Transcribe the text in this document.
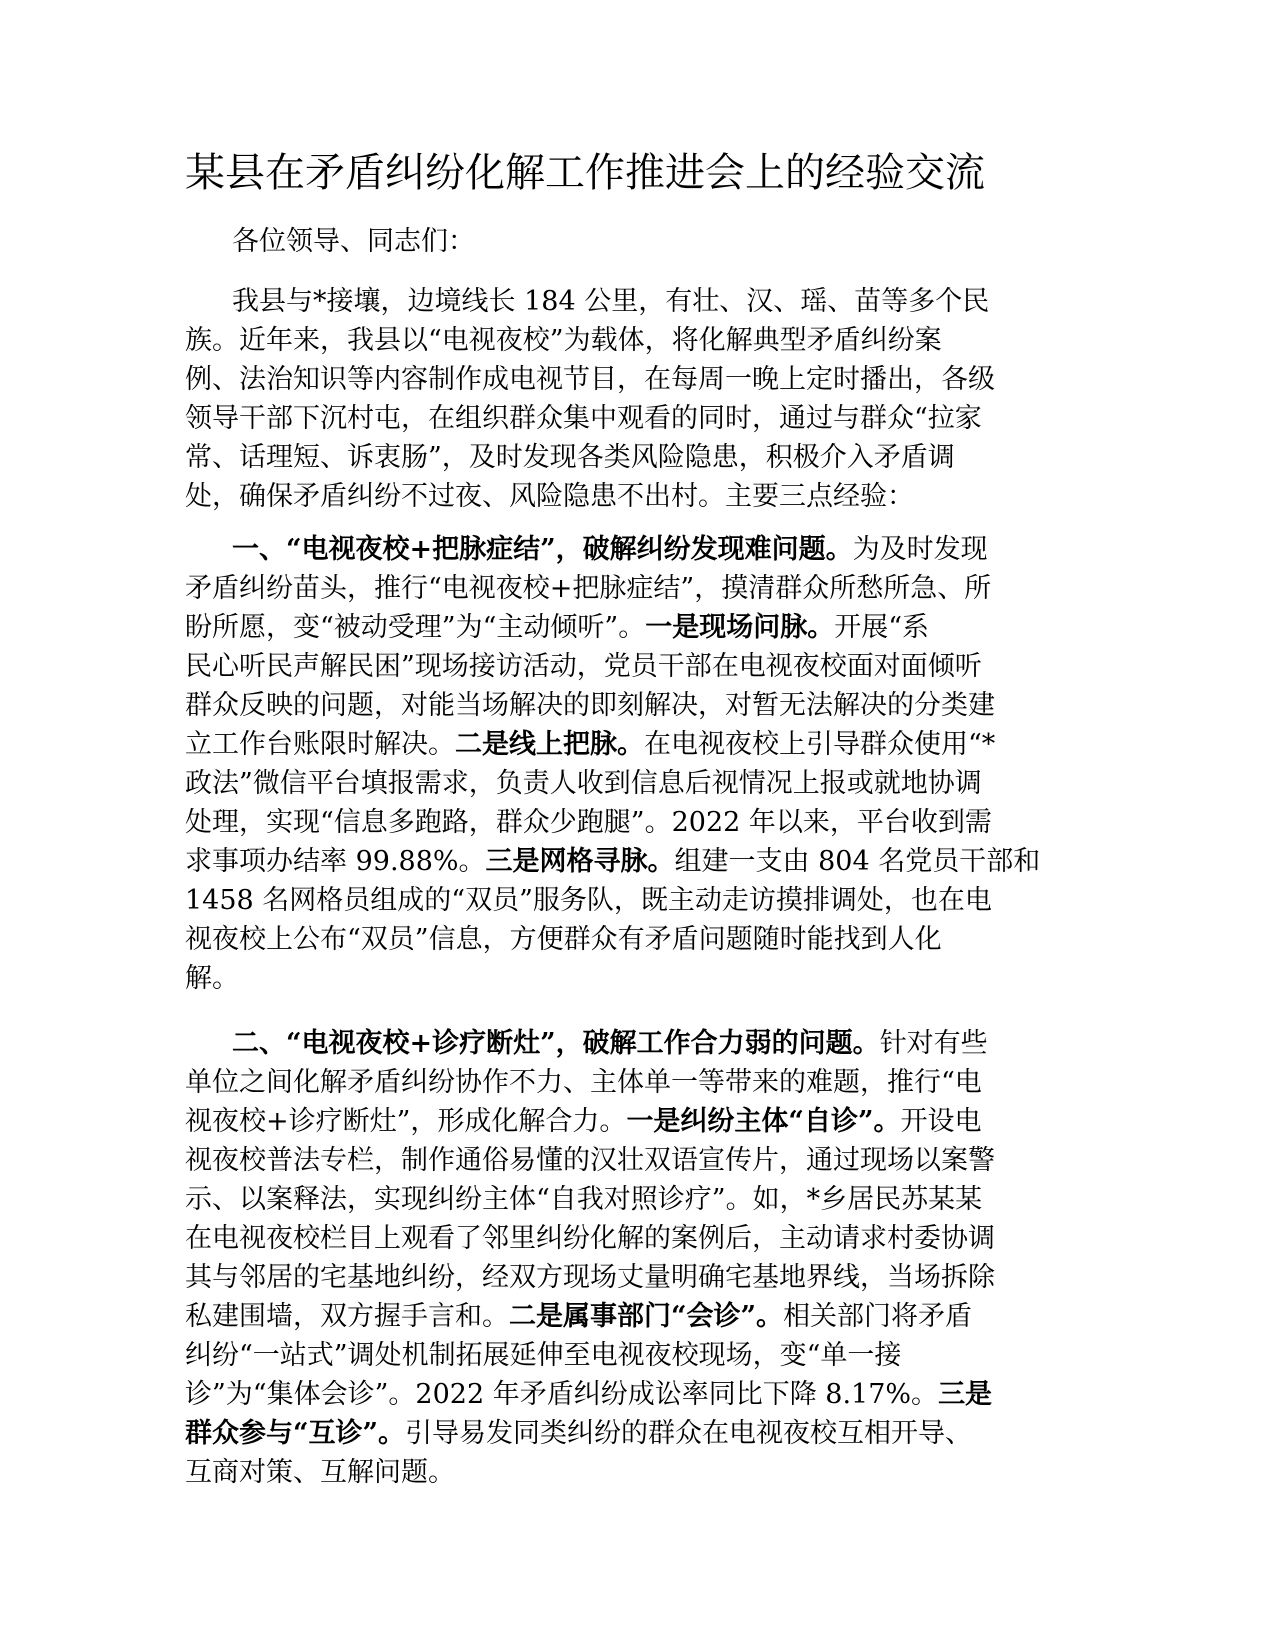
某县在矛盾纠纷化解工作推进会上的经验交流

各位领导、同志们：

我县与*接壤，边境线长 184 公里，有壮、汉、瑶、苗等多个民
族。近年来，我县以“电视夜校”为载体，将化解典型矛盾纠纷案
例、法治知识等内容制作成电视节目，在每周一晚上定时播出，各级
领导干部下沉村屯，在组织群众集中观看的同时，通过与群众“拉家
常、话理短、诉衷肠”，及时发现各类风险隐患，积极介入矛盾调
处，确保矛盾纠纷不过夜、风险隐患不出村。主要三点经验：
一、“电视夜校+把脉症结”，破解纠纷发现难问题。为及时发现
矛盾纠纷苗头，推行“电视夜校+把脉症结”，摸清群众所愁所急、所
盼所愿，变“被动受理”为“主动倾听”。一是现场问脉。开展“系
民心听民声解民困”现场接访活动，党员干部在电视夜校面对面倾听
群众反映的问题，对能当场解决的即刻解决，对暂无法解决的分类建
立工作台账限时解决。二是线上把脉。在电视夜校上引导群众使用“*
政法”微信平台填报需求，负责人收到信息后视情况上报或就地协调
处理，实现“信息多跑路，群众少跑腿”。2022 年以来，平台收到需
求事项办结率 99.88%。三是网格寻脉。组建一支由 804 名党员干部和
1458 名网格员组成的“双员”服务队，既主动走访摸排调处，也在电
视夜校上公布“双员”信息，方便群众有矛盾问题随时能找到人化
解。
二、“电视夜校+诊疗断灶”，破解工作合力弱的问题。针对有些
单位之间化解矛盾纠纷协作不力、主体单一等带来的难题，推行“电
视夜校+诊疗断灶”，形成化解合力。一是纠纷主体“自诊”。开设电
视夜校普法专栏，制作通俗易懂的汉壮双语宣传片，通过现场以案警
示、以案释法，实现纠纷主体“自我对照诊疗”。如，*乡居民苏某某
在电视夜校栏目上观看了邻里纠纷化解的案例后，主动请求村委协调
其与邻居的宅基地纠纷，经双方现场丈量明确宅基地界线，当场拆除
私建围墙，双方握手言和。二是属事部门“会诊”。相关部门将矛盾
纠纷“一站式”调处机制拓展延伸至电视夜校现场，变“单一接
诊”为“集体会诊”。2022 年矛盾纠纷成讼率同比下降 8.17%。三是
群众参与“互诊”。引导易发同类纠纷的群众在电视夜校互相开导、
互商对策、互解问题。
